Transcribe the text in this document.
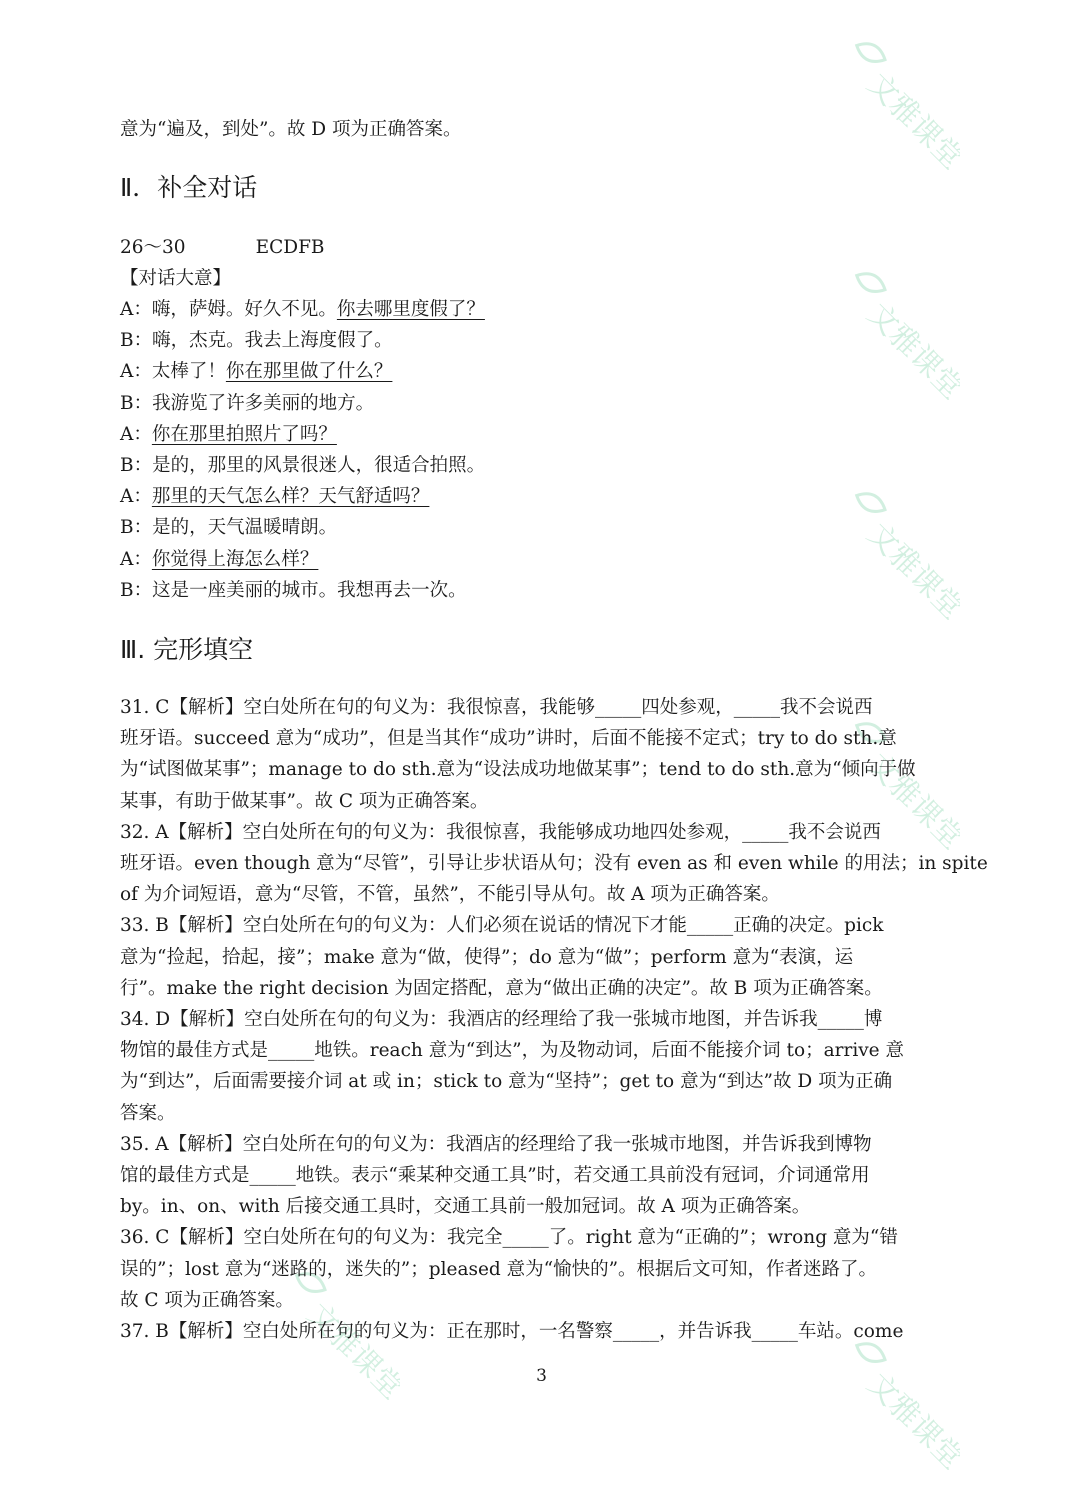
文雅课堂
文雅课堂
文雅课堂
文雅课堂
文雅课堂
文雅课堂
意为“遍及，到处”。故 D 项为正确答案。
Ⅱ．补全对话
26～30	ECDFB
【对话大意】
A：嗨，萨姆。好久不见。你去哪里度假了？
B：嗨，杰克。我去上海度假了。
A：太棒了！你在那里做了什么？
B：我游览了许多美丽的地方。
A：你在那里拍照片了吗？
B：是的，那里的风景很迷人，很适合拍照。
A：那里的天气怎么样？天气舒适吗？
B：是的，天气温暖晴朗。
A：你觉得上海怎么样？
B：这是一座美丽的城市。我想再去一次。
Ⅲ. 完形填空
31. C【解析】空白处所在句的句义为：我很惊喜，我能够_____四处参观，_____我不会说西
班牙语。succeed 意为“成功”，但是当其作“成功”讲时，后面不能接不定式；try to do sth.意
为“试图做某事”；manage to do sth.意为“设法成功地做某事”；tend to do sth.意为“倾向于做
某事，有助于做某事”。故 C 项为正确答案。
32. A【解析】空白处所在句的句义为：我很惊喜，我能够成功地四处参观，_____我不会说西
班牙语。even though 意为“尽管”，引导让步状语从句；没有 even as 和 even while 的用法；in spite
of 为介词短语，意为“尽管，不管，虽然”，不能引导从句。故 A 项为正确答案。
33. B【解析】空白处所在句的句义为：人们必须在说话的情况下才能_____正确的决定。pick
意为“捡起，拾起，接”；make 意为“做，使得”；do 意为“做”；perform 意为“表演，运
行”。make the right decision 为固定搭配，意为“做出正确的决定”。故 B 项为正确答案。
34. D【解析】空白处所在句的句义为：我酒店的经理给了我一张城市地图，并告诉我_____博
物馆的最佳方式是_____地铁。reach 意为“到达”，为及物动词，后面不能接介词 to；arrive 意
为“到达”，后面需要接介词 at 或 in；stick to 意为“坚持”；get to 意为“到达”故 D 项为正确
答案。
35. A【解析】空白处所在句的句义为：我酒店的经理给了我一张城市地图，并告诉我到博物
馆的最佳方式是_____地铁。表示“乘某种交通工具”时，若交通工具前没有冠词，介词通常用
by。in、on、with 后接交通工具时，交通工具前一般加冠词。故 A 项为正确答案。
36. C【解析】空白处所在句的句义为：我完全_____了。right 意为“正确的”；wrong 意为“错
误的”；lost 意为“迷路的，迷失的”；pleased 意为“愉快的”。根据后文可知，作者迷路了。
故 C 项为正确答案。
37. B【解析】空白处所在句的句义为：正在那时，一名警察_____，并告诉我_____车站。come
3
